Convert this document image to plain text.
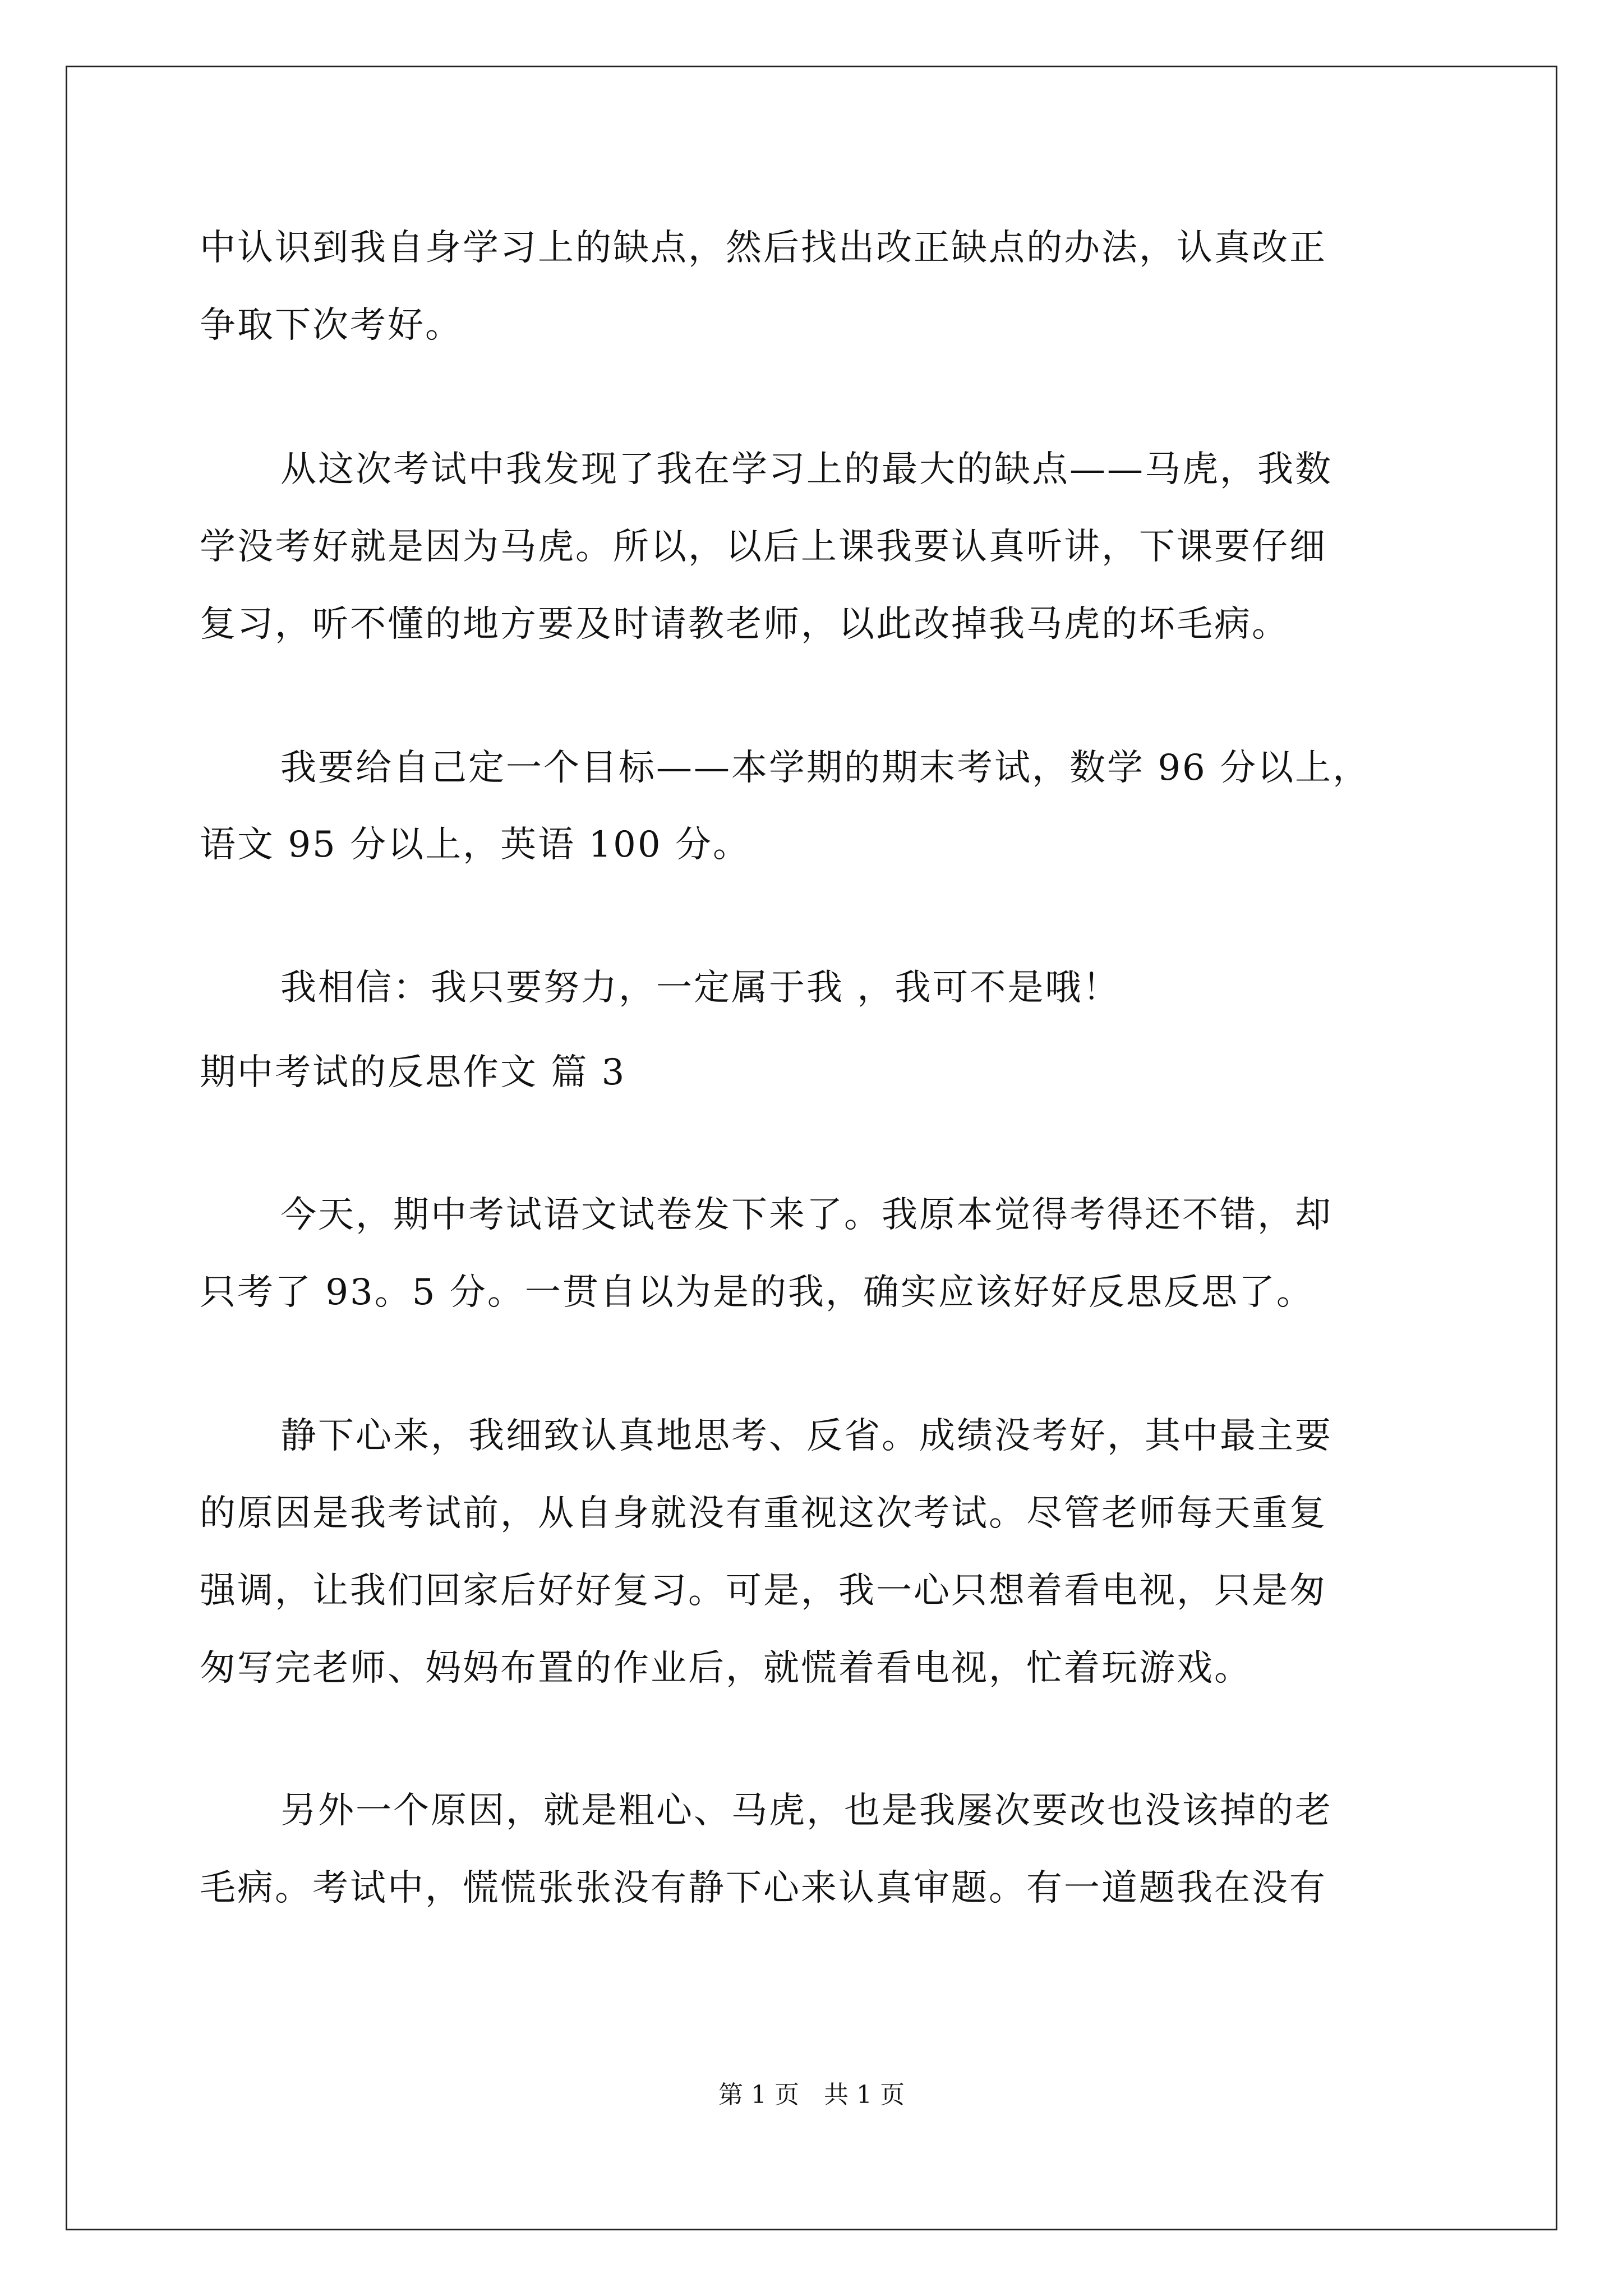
中认识到我自身学习上的缺点，然后找出改正缺点的办法，认真改正
争取下次考好。
从这次考试中我发现了我在学习上的最大的缺点——马虎，我数
学没考好就是因为马虎。所以，以后上课我要认真听讲，下课要仔细
复习，听不懂的地方要及时请教老师，以此改掉我马虎的坏毛病。
我要给自己定一个目标——本学期的期末考试，数学 96 分以上，
语文 95 分以上，英语 100 分。
我相信：我只要努力，一定属于我 ，我可不是哦！
期中考试的反思作文 篇 3
今天，期中考试语文试卷发下来了。我原本觉得考得还不错，却
只考了 93。5 分。一贯自以为是的我，确实应该好好反思反思了。
静下心来，我细致认真地思考、反省。成绩没考好，其中最主要
的原因是我考试前，从自身就没有重视这次考试。尽管老师每天重复
强调，让我们回家后好好复习。可是，我一心只想着看电视，只是匆
匆写完老师、妈妈布置的作业后，就慌着看电视，忙着玩游戏。
另外一个原因，就是粗心、马虎，也是我屡次要改也没该掉的老
毛病。考试中，慌慌张张没有静下心来认真审题。有一道题我在没有
第 1 页　共 1 页
